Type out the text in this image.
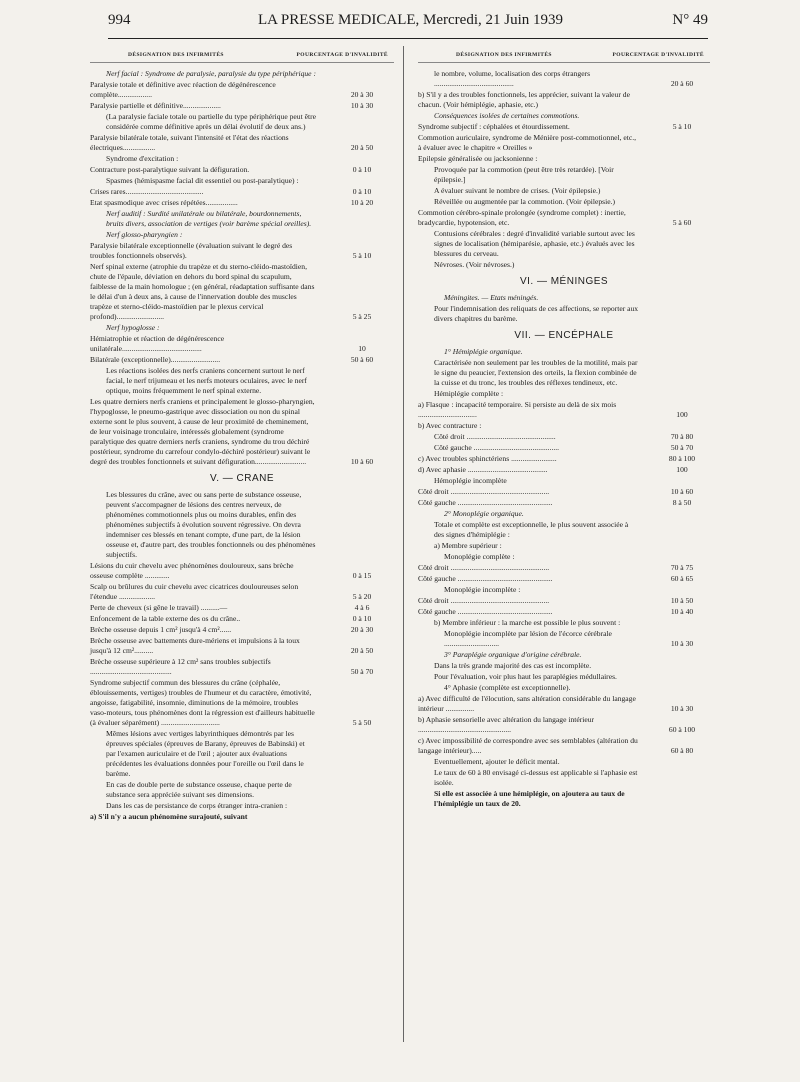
994	LA PRESSE MEDICALE, Mercredi, 21 Juin 1939	N° 49
DÉSIGNATION DES INFIRMITÉS	POURCENTAGE D'INVALIDITÉ
Nerf facial : Syndrome de paralysie, paralysie du type périphérique :
Paralysie totale et définitive avec réaction de dégénérescence complète..................	20 à 30
Paralysie partielle et définitive....................	10 à 30
(La paralysie faciale totale ou partielle du type périphérique peut être considérée comme définitive après un délai évolutif de deux ans.)
Paralysie bilatérale totale, suivant l'intensité et l'état des réactions électriques.................	20 à 50
Syndrome d'excitation :
Contracture post-paralytique suivant la défiguration.	0 à 10
Spasmes (hémispasme facial dit essentiel ou post-paralytique) :
Crises rares.........................................	0 à 10
Etat spasmodique avec crises répétées.................	10 à 20
Nerf auditif : Surdité unilatérale ou bilatérale, bourdonnements, bruits divers, association de vertiges (voir barème spécial oreilles).
Nerf glosso-pharyngien :
Paralysie bilatérale exceptionnelle (évaluation suivant le degré des troubles fonctionnels observés).	5 à 10
Nerf spinal externe (atrophie du trapèze et du sterno-cléido-mastoïdien, chute de l'épaule, déviation en dehors du bord spinal du scapulum, faiblesse de la main homologue ; (en général, réadaptation suffisante dans le délai d'un à deux ans, à cause de l'innervation double des muscles trapèze et sterno-cléido-mastoïdien par le plexus cervical profond).........................	5 à 25
Nerf hypoglosse :
Hémiatrophie et réaction de dégénérescence unilatérale..........................................	10
Bilatérale (exceptionnelle)..........................	50 à 60
Les réactions isolées des nerfs craniens concernent surtout le nerf facial, le nerf trijumeau et les nerfs moteurs oculaires, avec le nerf optique, moins fréquemment le nerf spinal externe.
Les quatre derniers nerfs craniens et principalement le glosso-pharyngien, l'hypoglosse, le pneumo-gastrique avec dissociation ou non du spinal externe sont le plus souvent, à cause de leur proximité de cheminement, de leur voisinage tronculaire, intéressés globalement (syndrome paralytique des quatre derniers nerfs craniens, syndrome du trou déchiré postérieur, syndrome du carrefour condylo-déchiré postérieur) suivant le degré des troubles fonctionnels et suivant défiguration...........................	10 à 60
V. — CRANE
Les blessures du crâne, avec ou sans perte de substance osseuse, peuvent s'accompagner de lésions des centres nerveux, de phénomènes commotionnels plus ou moins durables, enfin des phénomènes subjectifs à évolution souvent régressive. On devra indemniser ces blessés en tenant compte, d'une part, de la lésion osseuse et, d'autre part, des troubles fonctionnels ou des phénomènes subjectifs.
Lésions du cuir chevelu avec phénomènes douloureux, sans brèche osseuse complète .............	0 à 15
Scalp ou brûlures du cuir chevelu avec cicatrices douloureuses selon l'étendue ...................	5 à 20
Perte de cheveux (si gêne le travail) ..........—	4 à 6
Enfoncement de la table externe des os du crâne..	0 à 10
Brèche osseuse depuis 1 cm² jusqu'à 4 cm²......	20 à 30
Brèche osseuse avec battements dure-mériens et impulsions à la toux jusqu'à 12 cm²..........	20 à 50
Brèche osseuse supérieure à 12 cm² sans troubles subjectifs ...........................................	50 à 70
Syndrome subjectif commun des blessures du crâne (céphalée, éblouissements, vertiges) troubles de l'humeur et du caractère, émotivité, angoisse, fatigabilité, insomnie, diminutions de la mémoire, troubles vaso-moteurs, tous phénomènes dont la régression est d'ailleurs habituelle (à évaluer séparément) ...............................	5 à 50
Mêmes lésions avec vertiges labyrinthiques démontrés par les épreuves spéciales (épreuves de Barany, épreuves de Babinski) et par l'examen auriculaire et de l'œil ; ajouter aux évaluations précédentes les évaluations données pour l'oreille ou l'œil dans le barème.
En cas de double perte de substance osseuse, chaque perte de substance sera appréciée suivant ses dimensions.
Dans les cas de persistance de corps étranger intra-cranien :
a) S'il n'y a aucun phénomène surajouté, suivant
DÉSIGNATION DES INFIRMITÉS	POURCENTAGE D'INVALIDITÉ
le nombre, volume, localisation des corps étrangers ..........................................	20 à 60
b) S'il y a des troubles fonctionnels, les apprécier, suivant la valeur de chacun. (Voir hémiplégie, aphasie, etc.)
Conséquences isolées de certaines commotions.
Syndrome subjectif : céphalées et étourdissement.	5 à 10
Commotion auriculaire, syndrome de Ménière post-commotionnel, etc., à évaluer avec le chapitre « Oreilles »
Epilepsie généralisée ou jacksonienne :
Provoquée par la commotion (peut être très retardée). [Voir épilepsie.]
A évaluer suivant le nombre de crises. (Voir épilepsie.)
Réveillée ou augmentée par la commotion. (Voir épilepsie.)
Commotion cérébro-spinale prolongée (syndrome complet) : inertie, bradycardie, hypotension, etc.	5 à 60
Contusions cérébrales : degré d'invalidité variable surtout avec les signes de localisation (hémiparésie, aphasie, etc.) évalués avec les blessures du cerveau.
Névroses. (Voir névroses.)
VI. — MÉNINGES
Méningites. — Etats méningés.
Pour l'indemnisation des reliquats de ces affections, se reporter aux divers chapitres du barème.
VII. — ENCÉPHALE
1° Hémiplégie organique.
Caractérisée non seulement par les troubles de la motilité, mais par le signe du peaucier, l'extension des orteils, la flexion combinée de la cuisse et du tronc, les troubles des réflexes tendineux, etc.
Hémiplégie complète :
a) Flasque : incapacité temporaire. Si persiste au delà de six mois ...............................	100
b) Avec contracture :
Côté droit ...............................................	70 à 80
Côté gauche .............................................	50 à 70
c) Avec troubles sphinctériens ........................	80 à 100
d) Avec aphasie ..........................................	100
Hémoplégie incomplète
Côté droit ....................................................	10 à 60
Côté gauche ..................................................	8 à 50
2° Monoplégie organique.
Totale et complète est exceptionnelle, le plus souvent associée à des signes d'hémiplégie :
a) Membre supérieur :
Monoplégie complète :
Côté droit ....................................................	70 à 75
Côté gauche ..................................................	60 à 65
Monoplégie incomplète :
Côté droit ....................................................	10 à 50
Côté gauche ..................................................	10 à 40
b) Membre inférieur : la marche est possible le plus souvent :
Monoplégie incomplète par lésion de l'écorce cérébrale .............................	10 à 30
3° Paraplégie organique d'origine cérébrale.
Dans la très grande majorité des cas est incomplète.
Pour l'évaluation, voir plus haut les paraplégies médullaires.
4° Aphasie (complète est exceptionnelle).
a) Avec difficulté de l'élocution, sans altération considérable du langage intérieur ...............	10 à 30
b) Aphasie sensorielle avec altération du langage intérieur .................................................	60 à 100
c) Avec impossibilité de correspondre avec ses semblables (altération du langage intérieur).....	60 à 80
Eventuellement, ajouter le déficit mental.
Le taux de 60 à 80 envisagé ci-dessus est applicable si l'aphasie est isolée.
Si elle est associée à une hémiplégie, on ajoutera au taux de l'hémiplégie un taux de 20.
